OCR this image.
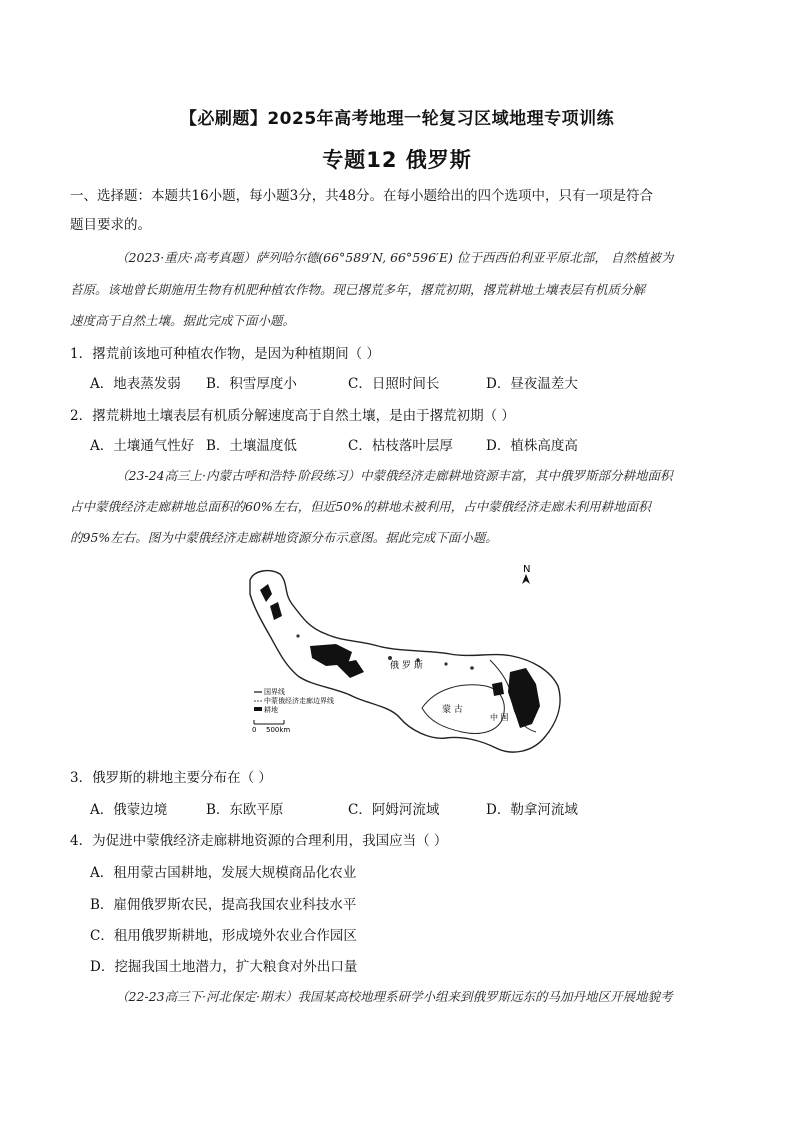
【必刷题】2025年高考地理一轮复习区域地理专项训练
专题12 俄罗斯
一、选择题：本题共16小题，每小题3分，共48分。在每小题给出的四个选项中，只有一项是符合
题目要求的。
（2023·重庆·高考真题）萨列哈尔德(66°589′N, 66°596′E) 位于西西伯利亚平原北部， 自然植被为
苔原。该地曾长期施用生物有机肥种植农作物。现已撂荒多年，撂荒初期，撂荒耕地土壤表层有机质分解
速度高于自然土壤。据此完成下面小题。
1．撂荒前该地可种植农作物，是因为种植期间（ ）
A．地表蒸发弱 B．积雪厚度小	C．日照时间长	D．昼夜温差大
2．撂荒耕地土壤表层有机质分解速度高于自然土壤，是由于撂荒初期（ ）
A．土壤通气性好 B．土壤温度低	C．枯枝落叶层厚 D．植株高度高
（23-24高三上·内蒙古呼和浩特·阶段练习）中蒙俄经济走廊耕地资源丰富，其中俄罗斯部分耕地面积
占中蒙俄经济走廊耕地总面积的60%左右，但近50%的耕地未被利用，占中蒙俄经济走廊未利用耕地面积
的95%左右。图为中蒙俄经济走廊耕地资源分布示意图。据此完成下面小题。
N
俄 罗 斯
蒙 古
中 国
国界线
中蒙俄经济走廊边界线
耕地
0 500km
3．俄罗斯的耕地主要分布在（ ）
A．俄蒙边境	B．东欧平原	C．阿姆河流域	D．勒拿河流域
4．为促进中蒙俄经济走廊耕地资源的合理利用，我国应当（ ）
A．租用蒙古国耕地，发展大规模商品化农业
B．雇佣俄罗斯农民，提高我国农业科技水平
C．租用俄罗斯耕地，形成境外农业合作园区
D．挖掘我国土地潜力，扩大粮食对外出口量
（22-23高三下·河北保定·期末）我国某高校地理系研学小组来到俄罗斯远东的马加丹地区开展地貌考
